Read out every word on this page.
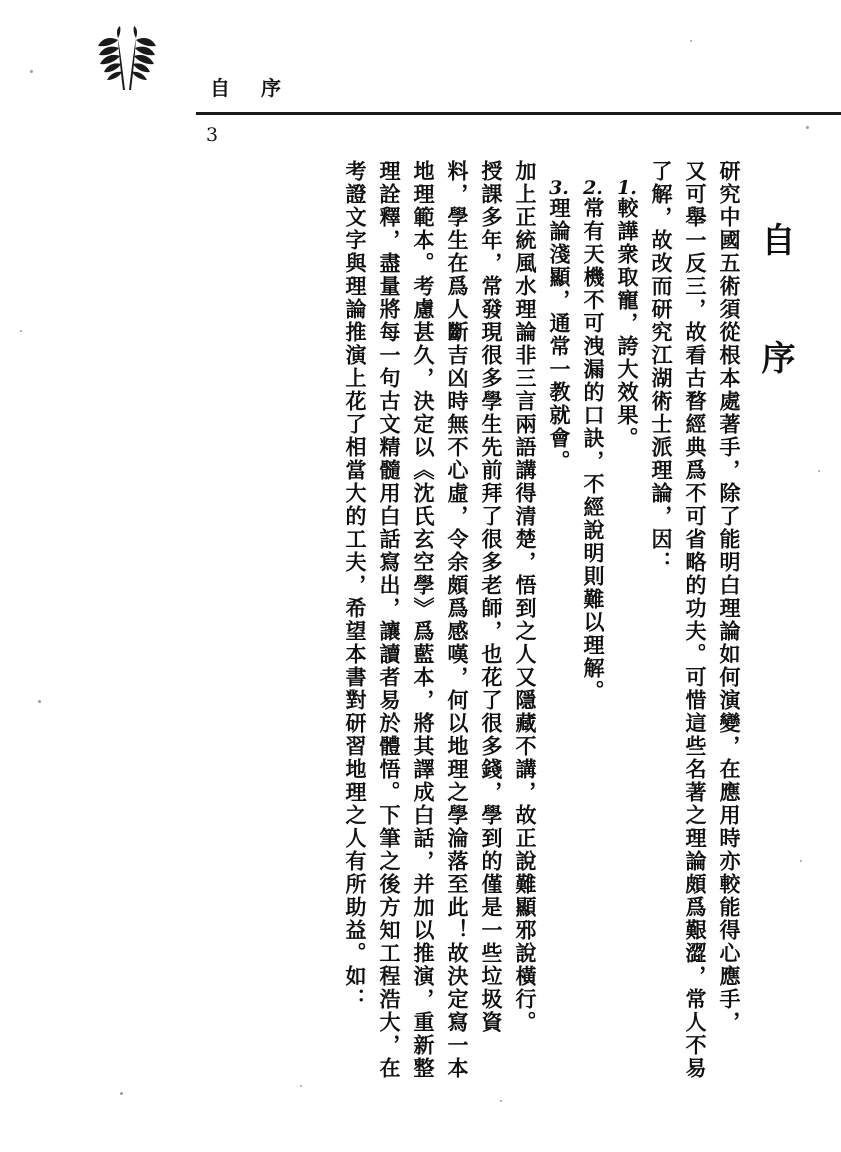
自 序
3
自 序
研究中國五術須從根本處著手，除了能明白理論如何演變，在應用時亦較能得心應手，
又可舉一反三，故看古暓經典爲不可省略的功夫。可惜這些名著之理論頗爲艱澀，常人不易
了解，故改而研究江湖術士派理論，因：
1.較譁衆取寵，誇大效果。
2.常有天機不可洩漏的口訣，不經說明則難以理解。
3.理論淺顯，通常一教就會。
加上正統風水理論非三言兩語講得清楚，悟到之人又隱藏不講，故正說難顯邪說橫行。
授課多年，常發現很多學生先前拜了很多老師，也花了很多錢，學到的僅是一些垃圾資
料，學生在爲人斷吉凶時無不心虛，令余頗爲感嘆，何以地理之學淪落至此！故決定寫一本
地理範本。考慮甚久，決定以《沈氏玄空學》爲藍本，將其譯成白話，并加以推演，重新整
理詮釋，盡量將每一句古文精髓用白話寫出，讓讀者易於體悟。下筆之後方知工程浩大，在
考證文字與理論推演上花了相當大的工夫，希望本書對研習地理之人有所助益。如：
